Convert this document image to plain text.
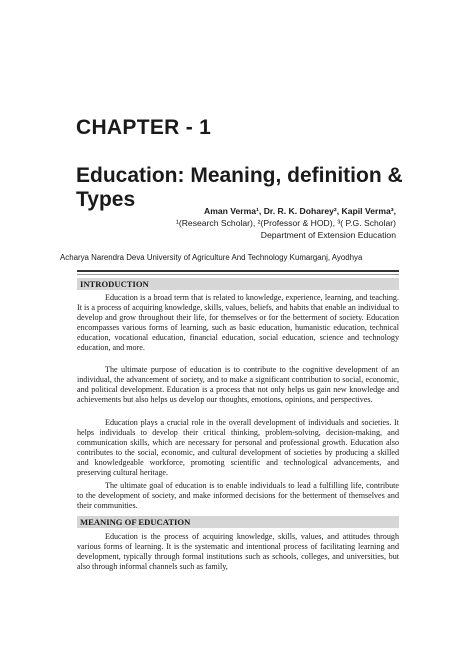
CHAPTER - 1
Education: Meaning, definition & Types	Aman Verma¹, Dr. R. K. Doharey², Kapil Verma³,
¹(Research Scholar), ²(Professor & HOD), ³( P.G. Scholar)
Department of Extension Education
Acharya Narendra Deva University of Agriculture And Technology Kumarganj, Ayodhya
INTRODUCTION

Education is a broad term that is related to knowledge, experience, learning, and teaching. It is a process of acquiring knowledge, skills, values, beliefs, and habits that enable an individual to develop and grow throughout their life, for themselves or for the betterment of society. Education encompasses various forms of learning, such as basic education, humanistic education, technical education, vocational education, financial education, social education, science and technology education, and more.

The ultimate purpose of education is to contribute to the cognitive development of an individual, the advancement of society, and to make a significant contribution to social, economic, and political development. Education is a process that not only helps us gain new knowledge and achievements but also helps us develop our thoughts, emotions, opinions, and perspectives.

Education plays a crucial role in the overall development of individuals and societies. It helps individuals to develop their critical thinking, problem-solving, decision-making, and communication skills, which are necessary for personal and professional growth. Education also contributes to the social, economic, and cultural development of societies by producing a skilled and knowledgeable workforce, promoting scientific and technological advancements, and preserving cultural heritage.

The ultimate goal of education is to enable individuals to lead a fulfilling life, contribute to the development of society, and make informed decisions for the betterment of themselves and their communities.

MEANING OF EDUCATION

Education is the process of acquiring knowledge, skills, values, and attitudes through various forms of learning. It is the systematic and intentional process of facilitating learning and development, typically through formal institutions such as schools, colleges, and universities, but also through informal channels such as family,
